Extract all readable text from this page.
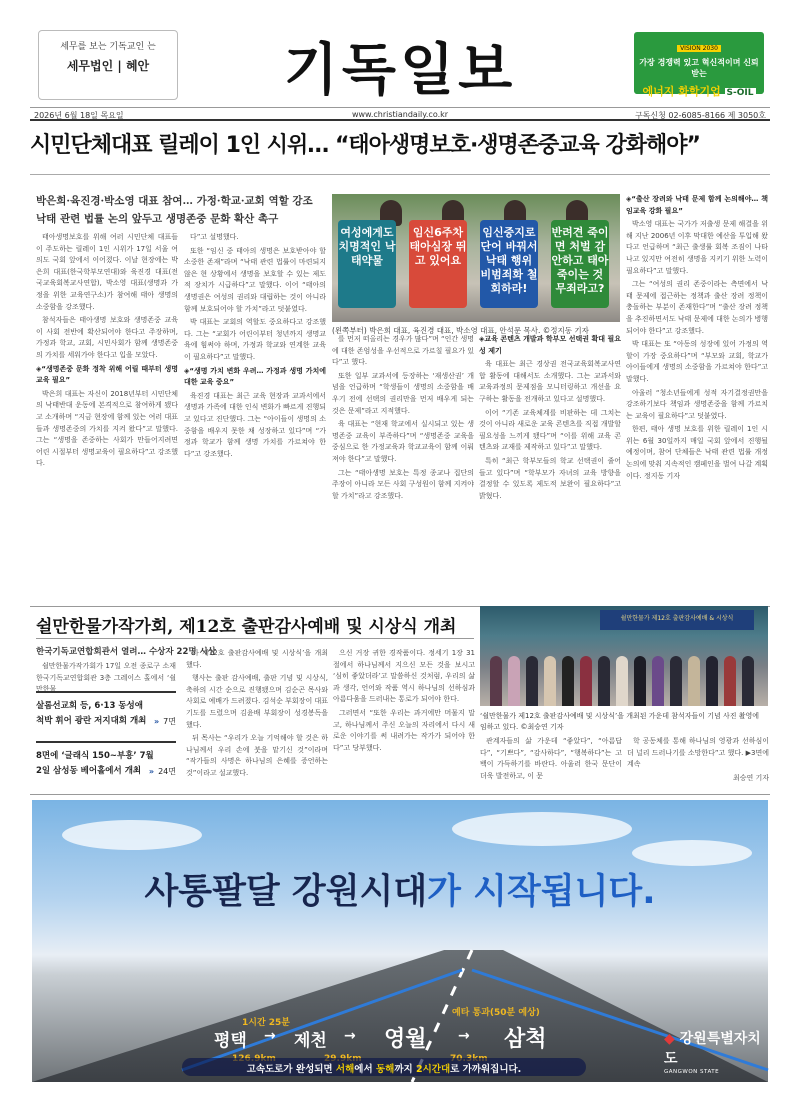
세무를 보는 기독교인 는
세무법인 | 혜안	기독일보	VISION 2030
가장 경쟁력 있고 혁신적이며 신뢰받는
에너지 화학기업 S-OIL
2026년 6월 18일 목요일	www.christiandaily.co.kr	구독신청 02-6085-8166 제 3050호
시민단체대표 릴레이 1인 시위… “태아생명보호·생명존중교육 강화해야”
박은희·육진경·박소영 대표 참여… 가정·학교·교회 역할 강조
낙태 관련 법률 논의 앞두고 생명존중 문화 확산 촉구

태아생명보호를 위해 여러 시민단체 대표들이 주도하는 릴레이 1인 시위가 17일 서울 여의도 국회 앞에서 이어졌다. 이날 현장에는 박은희 대표(한국학부모연대)와 육진경 대표(전국교육회복교사연합), 박소영 대표(생명과 가정을 위한 교육연구소)가 참여해 태아 생명의 소중함을 강조했다.

참석자들은 태아생명 보호와 생명존중 교육이 사회 전반에 확산되어야 한다고 주장하며, 가정과 학교, 교회, 시민사회가 함께 생명존중의 가치를 세워가야 한다고 입을 모았다.

◈“생명존중 문화 정착 위해 어릴 때부터 생명교육 필요”

박은희 대표는 자신이 2018년부터 시민단체의 낙태반대 운동에 본격적으로 참여하게 됐다고 소개하며 “지금 현장에 함께 있는 여러 대표들과 생명존중의 가치를 지켜 왔다”고 말했다. 그는 “생명을 존중하는 사회가 만들어지려면 어린 시절부터 생명교육이 필요하다”고 강조했다.

다”고 설명했다.

또한 “임신 중 태아의 생명은 보호받아야 할 소중한 존재”라며 “낙태 관련 법률이 마련되지 않은 현 상황에서 생명을 보호할 수 있는 제도적 장치가 시급하다”고 말했다. 이어 “태아의 생명권은 여성의 권리와 대립하는 것이 아니라 함께 보호되어야 할 가치”라고 덧붙였다.

박 대표는 교회의 역할도 중요하다고 강조했다. 그는 “교회가 어린이부터 청년까지 생명교육에 힘써야 하며, 가정과 학교와 연계한 교육이 필요하다”고 말했다.

◈“생명 가치 변화 우려… 가정과 생명 가치에 대한 교육 중요”

육진경 대표는 최근 교육 현장과 교과서에서 생명과 가족에 대한 인식 변화가 빠르게 진행되고 있다고 진단했다. 그는 “아이들이 생명의 소중함을 배우지 못한 채 성장하고 있다”며 “가정과 학교가 함께 생명 가치를 가르쳐야 한다”고 강조했다.

여성에게도 치명적인 낙태약물
임신6주차 태아심장 뛰고 있어요
임신중지로 단어 바꿔서 낙태 행위 비범죄화 철회하라!
반려견 죽이면 처벌 감안하고 태아 죽이는 것 무죄라고?
(왼쪽부터) 박은희 대표, 육진경 대표, 박소영 대표, 안석문 목사. ©정지동 기자

를 먼저 떠올리는 경우가 많다”며 “인간 생명에 대한 존엄성을 우선적으로 가르칠 필요가 있다”고 했다.

또한 일부 교과서에 등장하는 ‘재생산권’ 개념을 언급하며 “학생들이 생명의 소중함을 배우기 전에 선택의 권리만을 먼저 배우게 되는 것은 문제”라고 지적했다.

육 대표는 “현재 학교에서 실시되고 있는 생명존중 교육이 부족하다”며 “생명존중 교육을 중심으로 한 가정교육과 학교교육이 함께 이뤄져야 한다”고 말했다.

그는 “태아생명 보호는 특정 종교나 집단의 주장이 아니라 모든 사회 구성원이 함께 지켜야 할 가치”라고 강조했다.

◈교육 콘텐츠 개발과 학부모 선택권 확대 필요성 제기

육 대표는 최근 경상권 전국교육회복교사연합 활동에 대해서도 소개했다. 그는 교과서와 교육과정의 문제점을 모니터링하고 개선을 요구하는 활동을 전개하고 있다고 설명했다.

이어 “기존 교육체계를 비판하는 데 그치는 것이 아니라 새로운 교육 콘텐츠를 직접 개발할 필요성을 느끼게 됐다”며 “이를 위해 교육 콘텐츠와 교재를 제작하고 있다”고 말했다.

특히 “최근 학부모들의 학교 선택권이 줄어들고 있다”며 “학부모가 자녀의 교육 방향을 결정할 수 있도록 제도적 보완이 필요하다”고 밝혔다.

◈“출산 장려와 낙태 문제 함께 논의해야… 책임교육 강화 필요”

박소영 대표는 국가가 저출생 문제 해결을 위해 지난 2006년 이후 막대한 예산을 투입해 왔다고 언급하며 “최근 출생률 회복 조짐이 나타나고 있지만 여전히 생명을 지키기 위한 노력이 필요하다”고 말했다.

그는 “여성의 권리 존중이라는 측면에서 낙태 문제에 접근하는 정책과 출산 장려 정책이 충돌하는 부분이 존재한다”며 “출산 장려 정책을 추진하면서도 낙태 문제에 대한 논의가 병행되어야 한다”고 강조했다.

박 대표는 또 “아동의 성장에 있어 가정의 역할이 가장 중요하다”며 “부모와 교회, 학교가 아이들에게 생명의 소중함을 가르쳐야 한다”고 말했다.

아울러 “청소년들에게 성적 자기결정권만을 강조하기보다 책임과 생명존중을 함께 가르치는 교육이 필요하다”고 덧붙였다.

한편, 태아 생명 보호를 위한 릴레이 1인 시위는 6월 30일까지 매일 국회 앞에서 진행될 예정이며, 참여 단체들은 낙태 관련 법률 개정 논의에 맞춰 지속적인 캠페인을 벌여 나갈 계획이다. 정지동 기자

쉴만한물가작가회, 제12호 출판감사예배 및 시상식 개최
한국기독교연합회관서 열려… 수상자 22명 시상

쉴만한물가작가회가 17일 오전 종로구 소재 한국기독교연합회관 3층 그레이스 홀에서 ‘쉴만한물

살롬선교회 등, 6·13 동성애
척박 휘어 광란 저지대회 개최 » 7면
8면에 ‘글래식 150~부흥’ 7월
2일 삼성동 베어홀에서 개최 » 24면

가 제12호 출판감사예배 및 시상식’을 개최했다.

행사는 출판 감사예배, 출판 기념 및 시상식, 축하의 시간 순으로 진행됐으며 김순곤 목사와 사회로 예배가 드려졌다. 김석순 부회장이 대표기도를 드렸으며 김윤배 부회장이 성경봉독을 했다.

뒤 목사는 “우리가 오늘 기억해야 할 것은 하나님께서 우리 손에 붓을 맡기신 것”이라며 “작가들의 사명은 하나님의 은혜를 증언하는 것”이라고 설교했다.

으신 거장 귀한 경작품이다. 정세기 1장 31절에서 하나님께서 지으신 모든 것을 보시고 ‘심히 좋았더라’고 말씀하신 것처럼, 우리의 삶과 생각, 언어와 작품 역시 하나님의 선하심과 아름다움을 드러내는 통로가 되어야 한다.

그러면서 “또한 우리는 과거에만 머물지 말고, 하나님께서 주신 오늘의 자리에서 다시 새로운 이야기를 써 내려가는 작가가 되어야 한다”고 당부했다.

쉴만한물가 제12호 출판감사예배 & 시상식
‘쉴만한물가 제12호 출판감사예배 및 시상식’을 개최된 가운데 참석자들이 기념 사진 촬영에 임하고 있다. ©최승연 기자

관계자들의 삶 가운데 “좋았다”, “아름답다”, “기쁘다”, “감사하다”, “행복하다”는 고백이 가득하기를 바란다. 아울러 한국 문단이 더욱 발전하고, 이 문

학 공동체를 통해 하나님의 영광과 선하심이 더 널리 드러나기를 소망한다”고 했다. ▶3면에 계속

최승연 기자

사통팔달 강원시대가 시작됩니다.
1시간 25분
예타 통과(50분 예상)
평택 → 제천 → 영월 → 삼척
고속도로가 완성되면 서해에서 동해까지 2시간대로 가까워집니다.
◆ 강원특별자치도
GANGWON STATE
